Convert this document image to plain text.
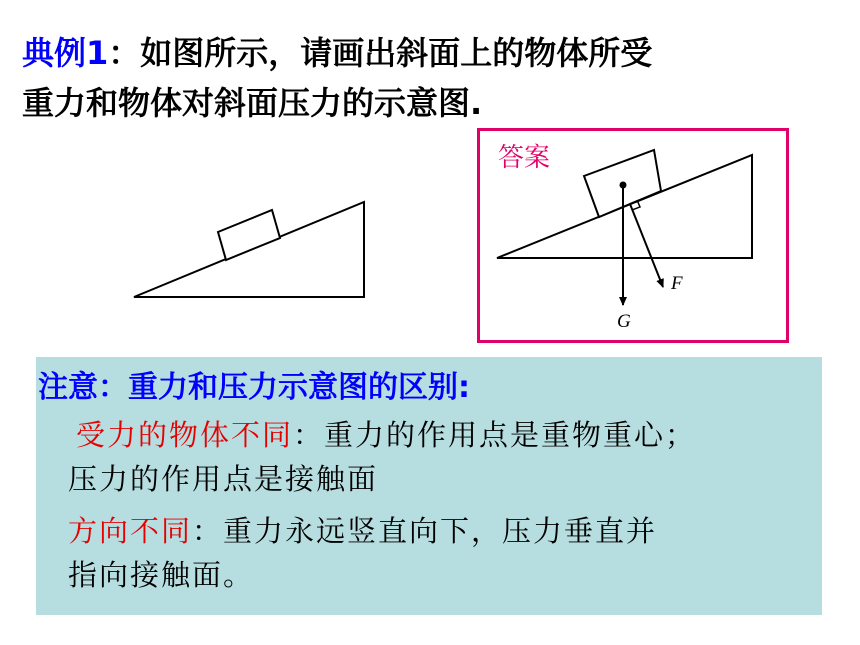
典例1：如图所示，请画出斜面上的物体所受
重力和物体对斜面压力的示意图.
答案
G
F
注意：重力和压力示意图的区别:
受力的物体不同：重力的作用点是重物重心；
压力的作用点是接触面
方向不同：重力永远竖直向下，压力垂直并
指向接触面。
